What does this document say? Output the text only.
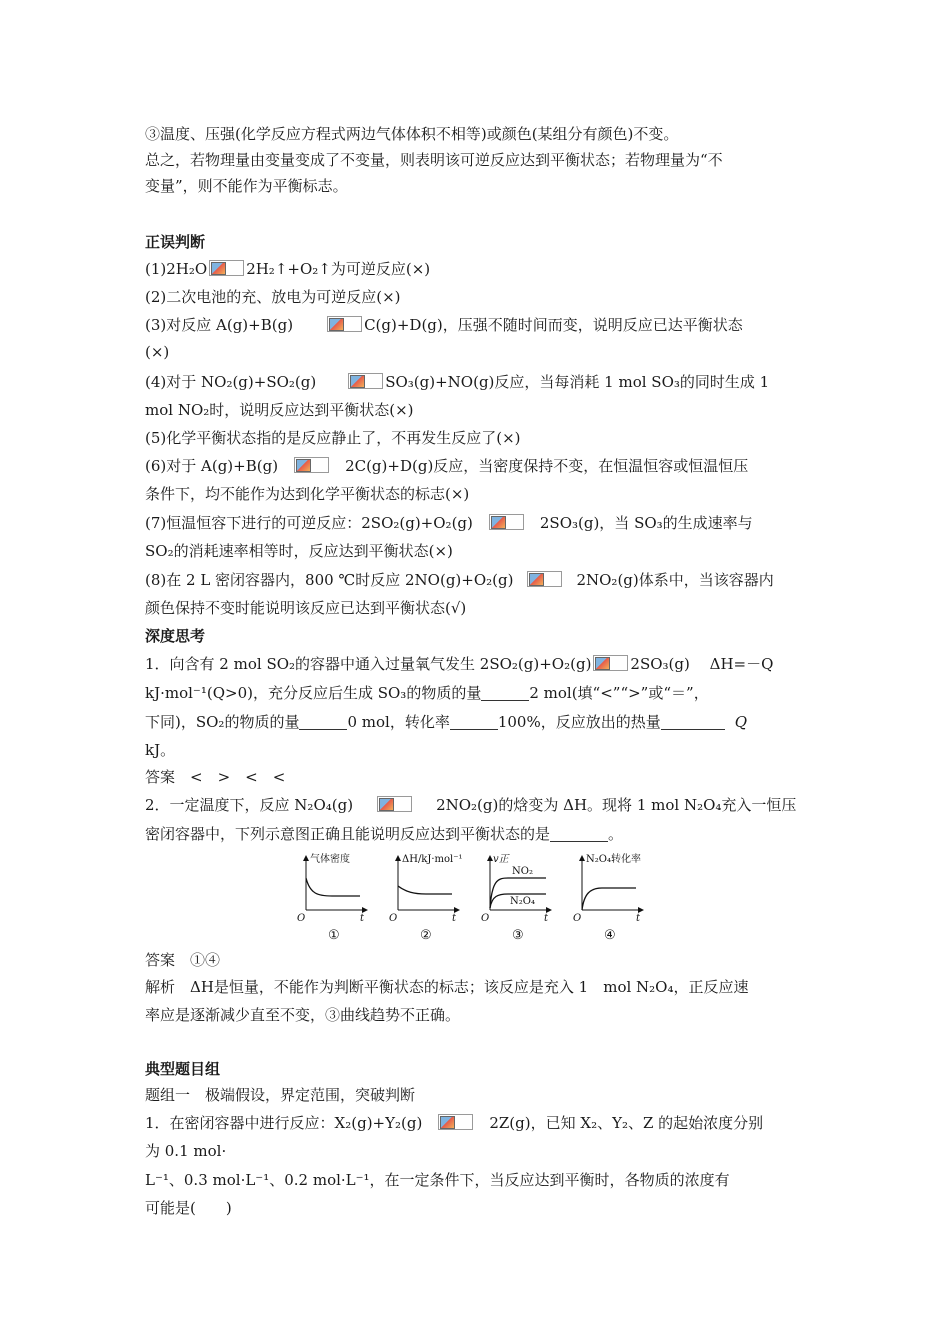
③温度、压强(化学反应方程式两边气体体积不相等)或颜色(某组分有颜色)不变。
总之，若物理量由变量变成了不变量，则表明该可逆反应达到平衡状态；若物理量为“不
变量”，则不能作为平衡标志。
正误判断
(1)2H₂O	2H₂↑+O₂↑为可逆反应(×)
(2)二次电池的充、放电为可逆反应(×)
(3)对反应 A(g)+B(g)	C(g)+D(g)，压强不随时间而变，说明反应已达平衡状态
(×)
(4)对于 NO₂(g)+SO₂(g)	SO₃(g)+NO(g)反应，当每消耗 1 mol SO₃的同时生成 1
mol NO₂时，说明反应达到平衡状态(×)
(5)化学平衡状态指的是反应静止了，不再发生反应了(×)
(6)对于 A(g)+B(g)	2C(g)+D(g)反应，当密度保持不变，在恒温恒容或恒温恒压
条件下，均不能作为达到化学平衡状态的标志(×)
(7)恒温恒容下进行的可逆反应：2SO₂(g)+O₂(g)	2SO₃(g)，当 SO₃的生成速率与
SO₂的消耗速率相等时，反应达到平衡状态(×)
(8)在 2 L 密闭容器内，800 ℃时反应 2NO(g)+O₂(g)	2NO₂(g)体系中，当该容器内
颜色保持不变时能说明该反应已达到平衡状态(√)
深度思考
1．向含有 2 mol SO₂的容器中通入过量氧气发生 2SO₂(g)+O₂(g)	2SO₃(g)　 ΔH=－Q
kJ·mol⁻¹(Q>0)，充分反应后生成 SO₃的物质的量	2 mol(填“<”“>”或“＝”，
下同)，SO₂的物质的量	0 mol，转化率	100%，反应放出的热量	Q
kJ。
答案　<　>　<　<
2．一定温度下，反应 N₂O₄(g)	2NO₂(g)的焓变为 ΔH。现将 1 mol N₂O₄充入一恒压
密闭容器中，下列示意图正确且能说明反应达到平衡状态的是	。
答案　①④
解析　ΔH是恒量，不能作为判断平衡状态的标志；该反应是充入 1　mol N₂O₄，正反应速
率应是逐渐减少直至不变，③曲线趋势不正确。
典型题目组
题组一　极端假设，界定范围，突破判断
1．在密闭容器中进行反应：X₂(g)+Y₂(g)	2Z(g)，已知 X₂、Y₂、Z 的起始浓度分别
为 0.1 mol·
L⁻¹、0.3 mol·L⁻¹、0.2 mol·L⁻¹，在一定条件下，当反应达到平衡时，各物质的浓度有
可能是(　　)
气体密度
O	t
①
ΔH/kJ·mol⁻¹
O	t
②
v正
NO₂
N₂O₄
O	t
③
N₂O₄转化率
O	t
④
